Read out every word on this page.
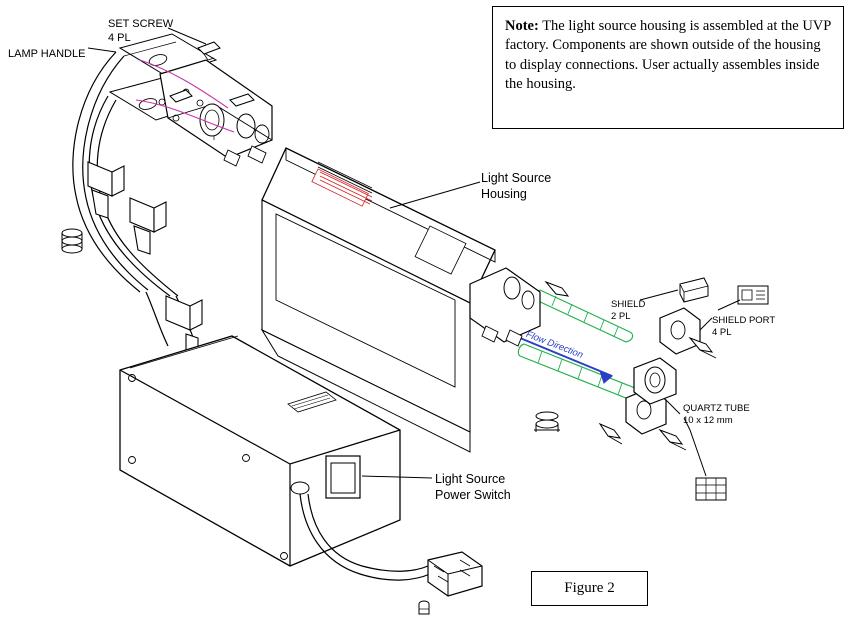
LAMP HANDLE
SET SCREW
4 PL
Light Source
Housing
SHIELD
2 PL	SHIELD PORT
4 PL
QUARTZ TUBE
10 x 12 mm
Flow Direction
Light Source
Power Switch
Note: The light source housing is assembled at the UVP factory. Components are shown outside of the housing to display connections. User actually assembles inside the housing.
Figure 2
